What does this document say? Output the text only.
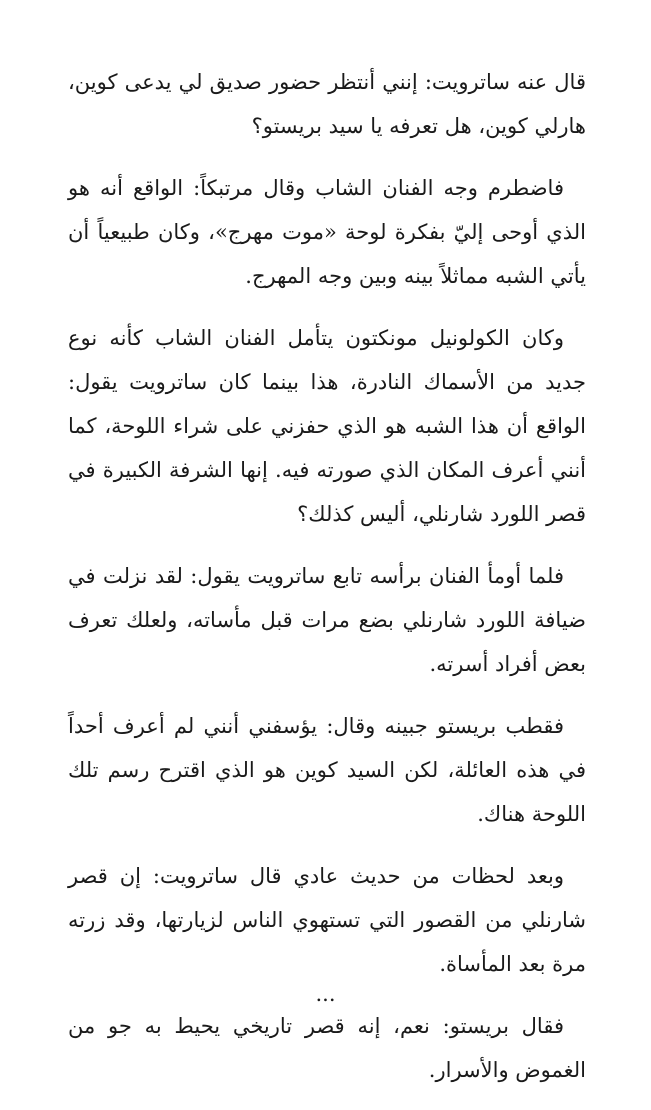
قال عنه ساترويت: إنني أنتظر حضور صديق لي يدعى كوين، هارلي كوين، هل تعرفه يا سيد بريستو؟

فاضطرم وجه الفنان الشاب وقال مرتبكاً: الواقع أنه هو الذي أوحى إليّ بفكرة لوحة «موت مهرج»، وكان طبيعياً أن يأتي الشبه مماثلاً بينه وبين وجه المهرج.

وكان الكولونيل مونكتون يتأمل الفنان الشاب كأنه نوع جديد من الأسماك النادرة، هذا بينما كان ساترويت يقول: الواقع أن هذا الشبه هو الذي حفزني على شراء اللوحة، كما أنني أعرف المكان الذي صورته فيه. إنها الشرفة الكبيرة في قصر اللورد شارنلي، أليس كذلك؟

فلما أومأ الفنان برأسه تابع ساترويت يقول: لقد نزلت في ضيافة اللورد شارنلي بضع مرات قبل مأساته، ولعلك تعرف بعض أفراد أسرته.

فقطب بريستو جبينه وقال: يؤسفني أنني لم أعرف أحداً في هذه العائلة، لكن السيد كوين هو الذي اقترح رسم تلك اللوحة هناك.

وبعد لحظات من حديث عادي قال ساترويت: إن قصر شارنلي من القصور التي تستهوي الناس لزيارتها، وقد زرته مرة بعد المأساة.

فقال بريستو: نعم، إنه قصر تاريخي يحيط به جو من الغموض والأسرار.

...
